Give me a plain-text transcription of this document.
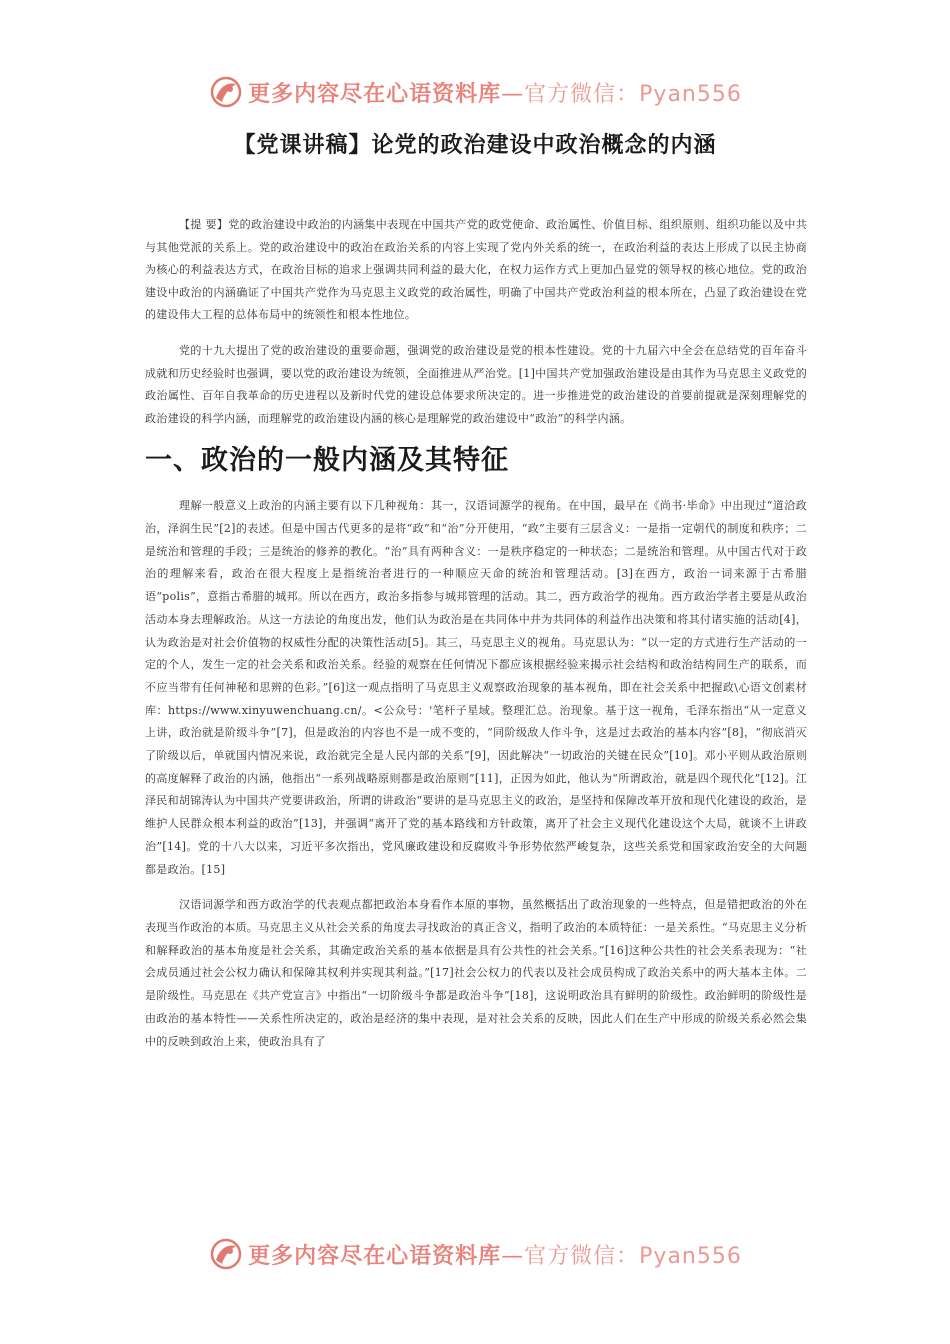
更多内容尽在心语资料库—官方微信：Pyan556
【党课讲稿】论党的政治建设中政治概念的内涵

【提 要】党的政治建设中政治的内涵集中表现在中国共产党的政党使命、政治属性、价值目标、组织原则、组织功能以及中共与其他党派的关系上。党的政治建设中的政治在政治关系的内容上实现了党内外关系的统一，在政治利益的表达上形成了以民主协商为核心的利益表达方式，在政治目标的追求上强调共同利益的最大化，在权力运作方式上更加凸显党的领导权的核心地位。党的政治建设中政治的内涵确证了中国共产党作为马克思主义政党的政治属性，明确了中国共产党政治利益的根本所在，凸显了政治建设在党的建设伟大工程的总体布局中的统领性和根本性地位。

党的十九大提出了党的政治建设的重要命题，强调党的政治建设是党的根本性建设。党的十九届六中全会在总结党的百年奋斗成就和历史经验时也强调，要以党的政治建设为统领，全面推进从严治党。[1]中国共产党加强政治建设是由其作为马克思主义政党的政治属性、百年自我革命的历史进程以及新时代党的建设总体要求所决定的。进一步推进党的政治建设的首要前提就是深刻理解党的政治建设的科学内涵，而理解党的政治建设内涵的核心是理解党的政治建设中“政治”的科学内涵。

一、政治的一般内涵及其特征

理解一般意义上政治的内涵主要有以下几种视角：其一，汉语词源学的视角。在中国，最早在《尚书·毕命》中出现过“道洽政治，泽润生民”[2]的表述。但是中国古代更多的是将“政”和“治”分开使用，“政”主要有三层含义：一是指一定朝代的制度和秩序；二是统治和管理的手段；三是统治的修养的教化。“治”具有两种含义：一是秩序稳定的一种状态；二是统治和管理。从中国古代对于政治的理解来看，政治在很大程度上是指统治者进行的一种顺应天命的统治和管理活动。[3]在西方，政治一词来源于古希腊语“polis”，意指古希腊的城邦。所以在西方，政治多指参与城邦管理的活动。其二，西方政治学的视角。西方政治学者主要是从政治活动本身去理解政治。从这一方法论的角度出发，他们认为政治是在共同体中并为共同体的利益作出决策和将其付诸实施的活动[4]，认为政治是对社会价值物的权威性分配的决策性活动[5]。其三，马克思主义的视角。马克思认为：“以一定的方式进行生产活动的一定的个人，发生一定的社会关系和政治关系。经验的观察在任何情况下都应该根据经验来揭示社会结构和政治结构同生产的联系，而不应当带有任何神秘和思辨的色彩。”[6]这一观点指明了马克思主义观察政治现象的基本视角，即在社会关系中把握政\心语文创素材库：https://www.xinyuwenchuang.cn/。<公众号：'笔杆子星域。整理汇总。治现象。基于这一视角，毛泽东指出“从一定意义上讲，政治就是阶级斗争”[7]，但是政治的内容也不是一成不变的，“同阶级敌人作斗争，这是过去政治的基本内容”[8]，“彻底消灭了阶级以后，单就国内情况来说，政治就完全是人民内部的关系”[9]，因此解决“一切政治的关键在民众”[10]。邓小平则从政治原则的高度解释了政治的内涵，他指出“一系列战略原则都是政治原则”[11]，正因为如此，他认为“所谓政治，就是四个现代化”[12]。江泽民和胡锦涛认为中国共产党要讲政治，所谓的讲政治“要讲的是马克思主义的政治，是坚持和保障改革开放和现代化建设的政治，是维护人民群众根本利益的政治”[13]，并强调“离开了党的基本路线和方针政策，离开了社会主义现代化建设这个大局，就谈不上讲政治”[14]。党的十八大以来，习近平多次指出，党风廉政建设和反腐败斗争形势依然严峻复杂，这些关系党和国家政治安全的大问题都是政治。[15]

汉语词源学和西方政治学的代表观点都把政治本身看作本原的事物，虽然概括出了政治现象的一些特点，但是错把政治的外在表现当作政治的本质。马克思主义从社会关系的角度去寻找政治的真正含义，指明了政治的本质特征：一是关系性。“马克思主义分析和解释政治的基本角度是社会关系，其确定政治关系的基本依据是具有公共性的社会关系。”[16]这种公共性的社会关系表现为：“社会成员通过社会公权力确认和保障其权利并实现其利益。”[17]社会公权力的代表以及社会成员构成了政治关系中的两大基本主体。二是阶级性。马克思在《共产党宣言》中指出“一切阶级斗争都是政治斗争”[18]，这说明政治具有鲜明的阶级性。政治鲜明的阶级性是由政治的基本特性——关系性所决定的，政治是经济的集中表现，是对社会关系的反映，因此人们在生产中形成的阶级关系必然会集中的反映到政治上来，使政治具有了

更多内容尽在心语资料库—官方微信：Pyan556
